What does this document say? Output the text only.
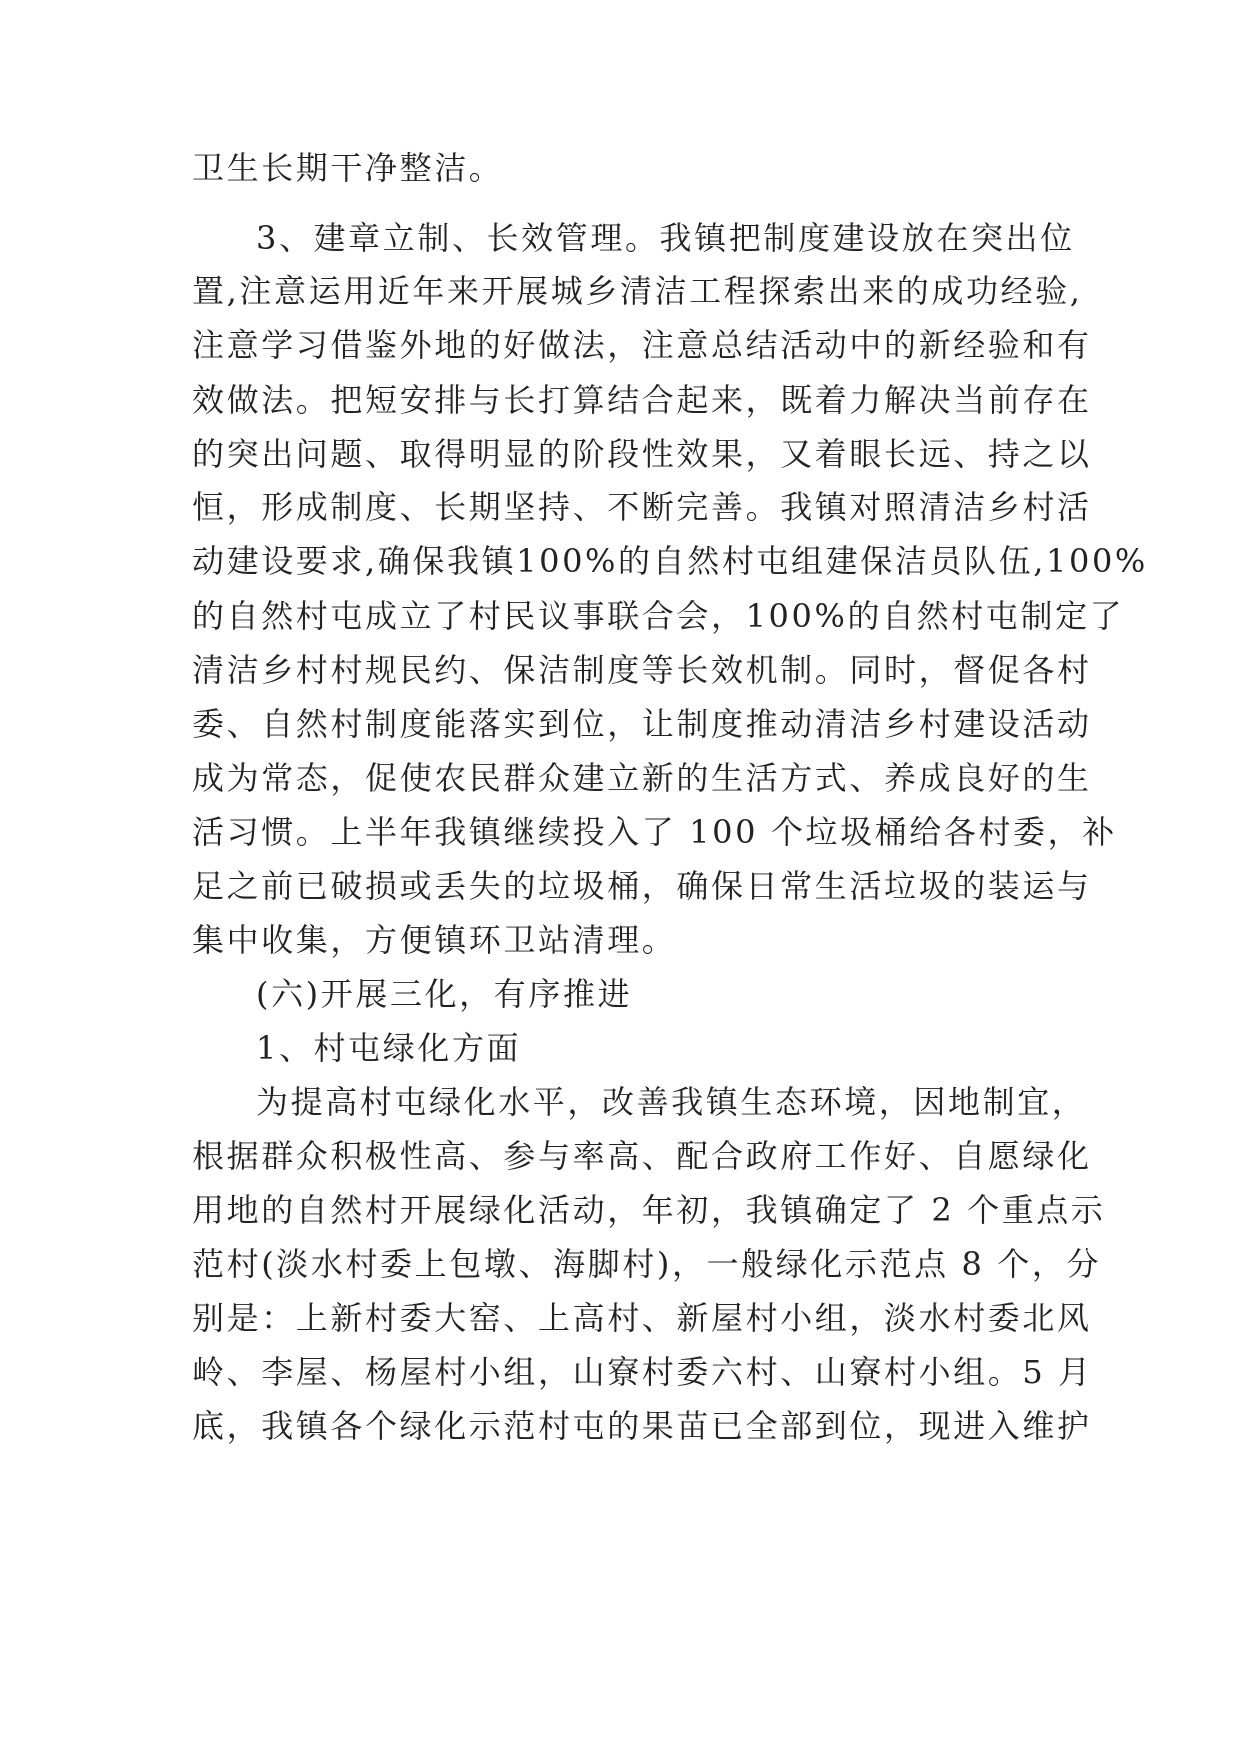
卫生长期干净整洁。
3、建章立制、长效管理。我镇把制度建设放在突出位
置,注意运用近年来开展城乡清洁工程探索出来的成功经验,
注意学习借鉴外地的好做法，注意总结活动中的新经验和有
效做法。把短安排与长打算结合起来，既着力解决当前存在
的突出问题、取得明显的阶段性效果，又着眼长远、持之以
恒，形成制度、长期坚持、不断完善。我镇对照清洁乡村活
动建设要求,确保我镇100%的自然村屯组建保洁员队伍,100%
的自然村屯成立了村民议事联合会，100%的自然村屯制定了
清洁乡村村规民约、保洁制度等长效机制。同时，督促各村
委、自然村制度能落实到位，让制度推动清洁乡村建设活动
成为常态，促使农民群众建立新的生活方式、养成良好的生
活习惯。上半年我镇继续投入了 100 个垃圾桶给各村委，补
足之前已破损或丢失的垃圾桶，确保日常生活垃圾的装运与
集中收集，方便镇环卫站清理。
(六)开展三化，有序推进
1、村屯绿化方面
为提高村屯绿化水平，改善我镇生态环境，因地制宜，
根据群众积极性高、参与率高、配合政府工作好、自愿绿化
用地的自然村开展绿化活动，年初，我镇确定了 2 个重点示
范村(淡水村委上包墩、海脚村)，一般绿化示范点 8 个，分
别是：上新村委大窑、上高村、新屋村小组，淡水村委北风
岭、李屋、杨屋村小组，山寮村委六村、山寮村小组。5 月
底，我镇各个绿化示范村屯的果苗已全部到位，现进入维护
